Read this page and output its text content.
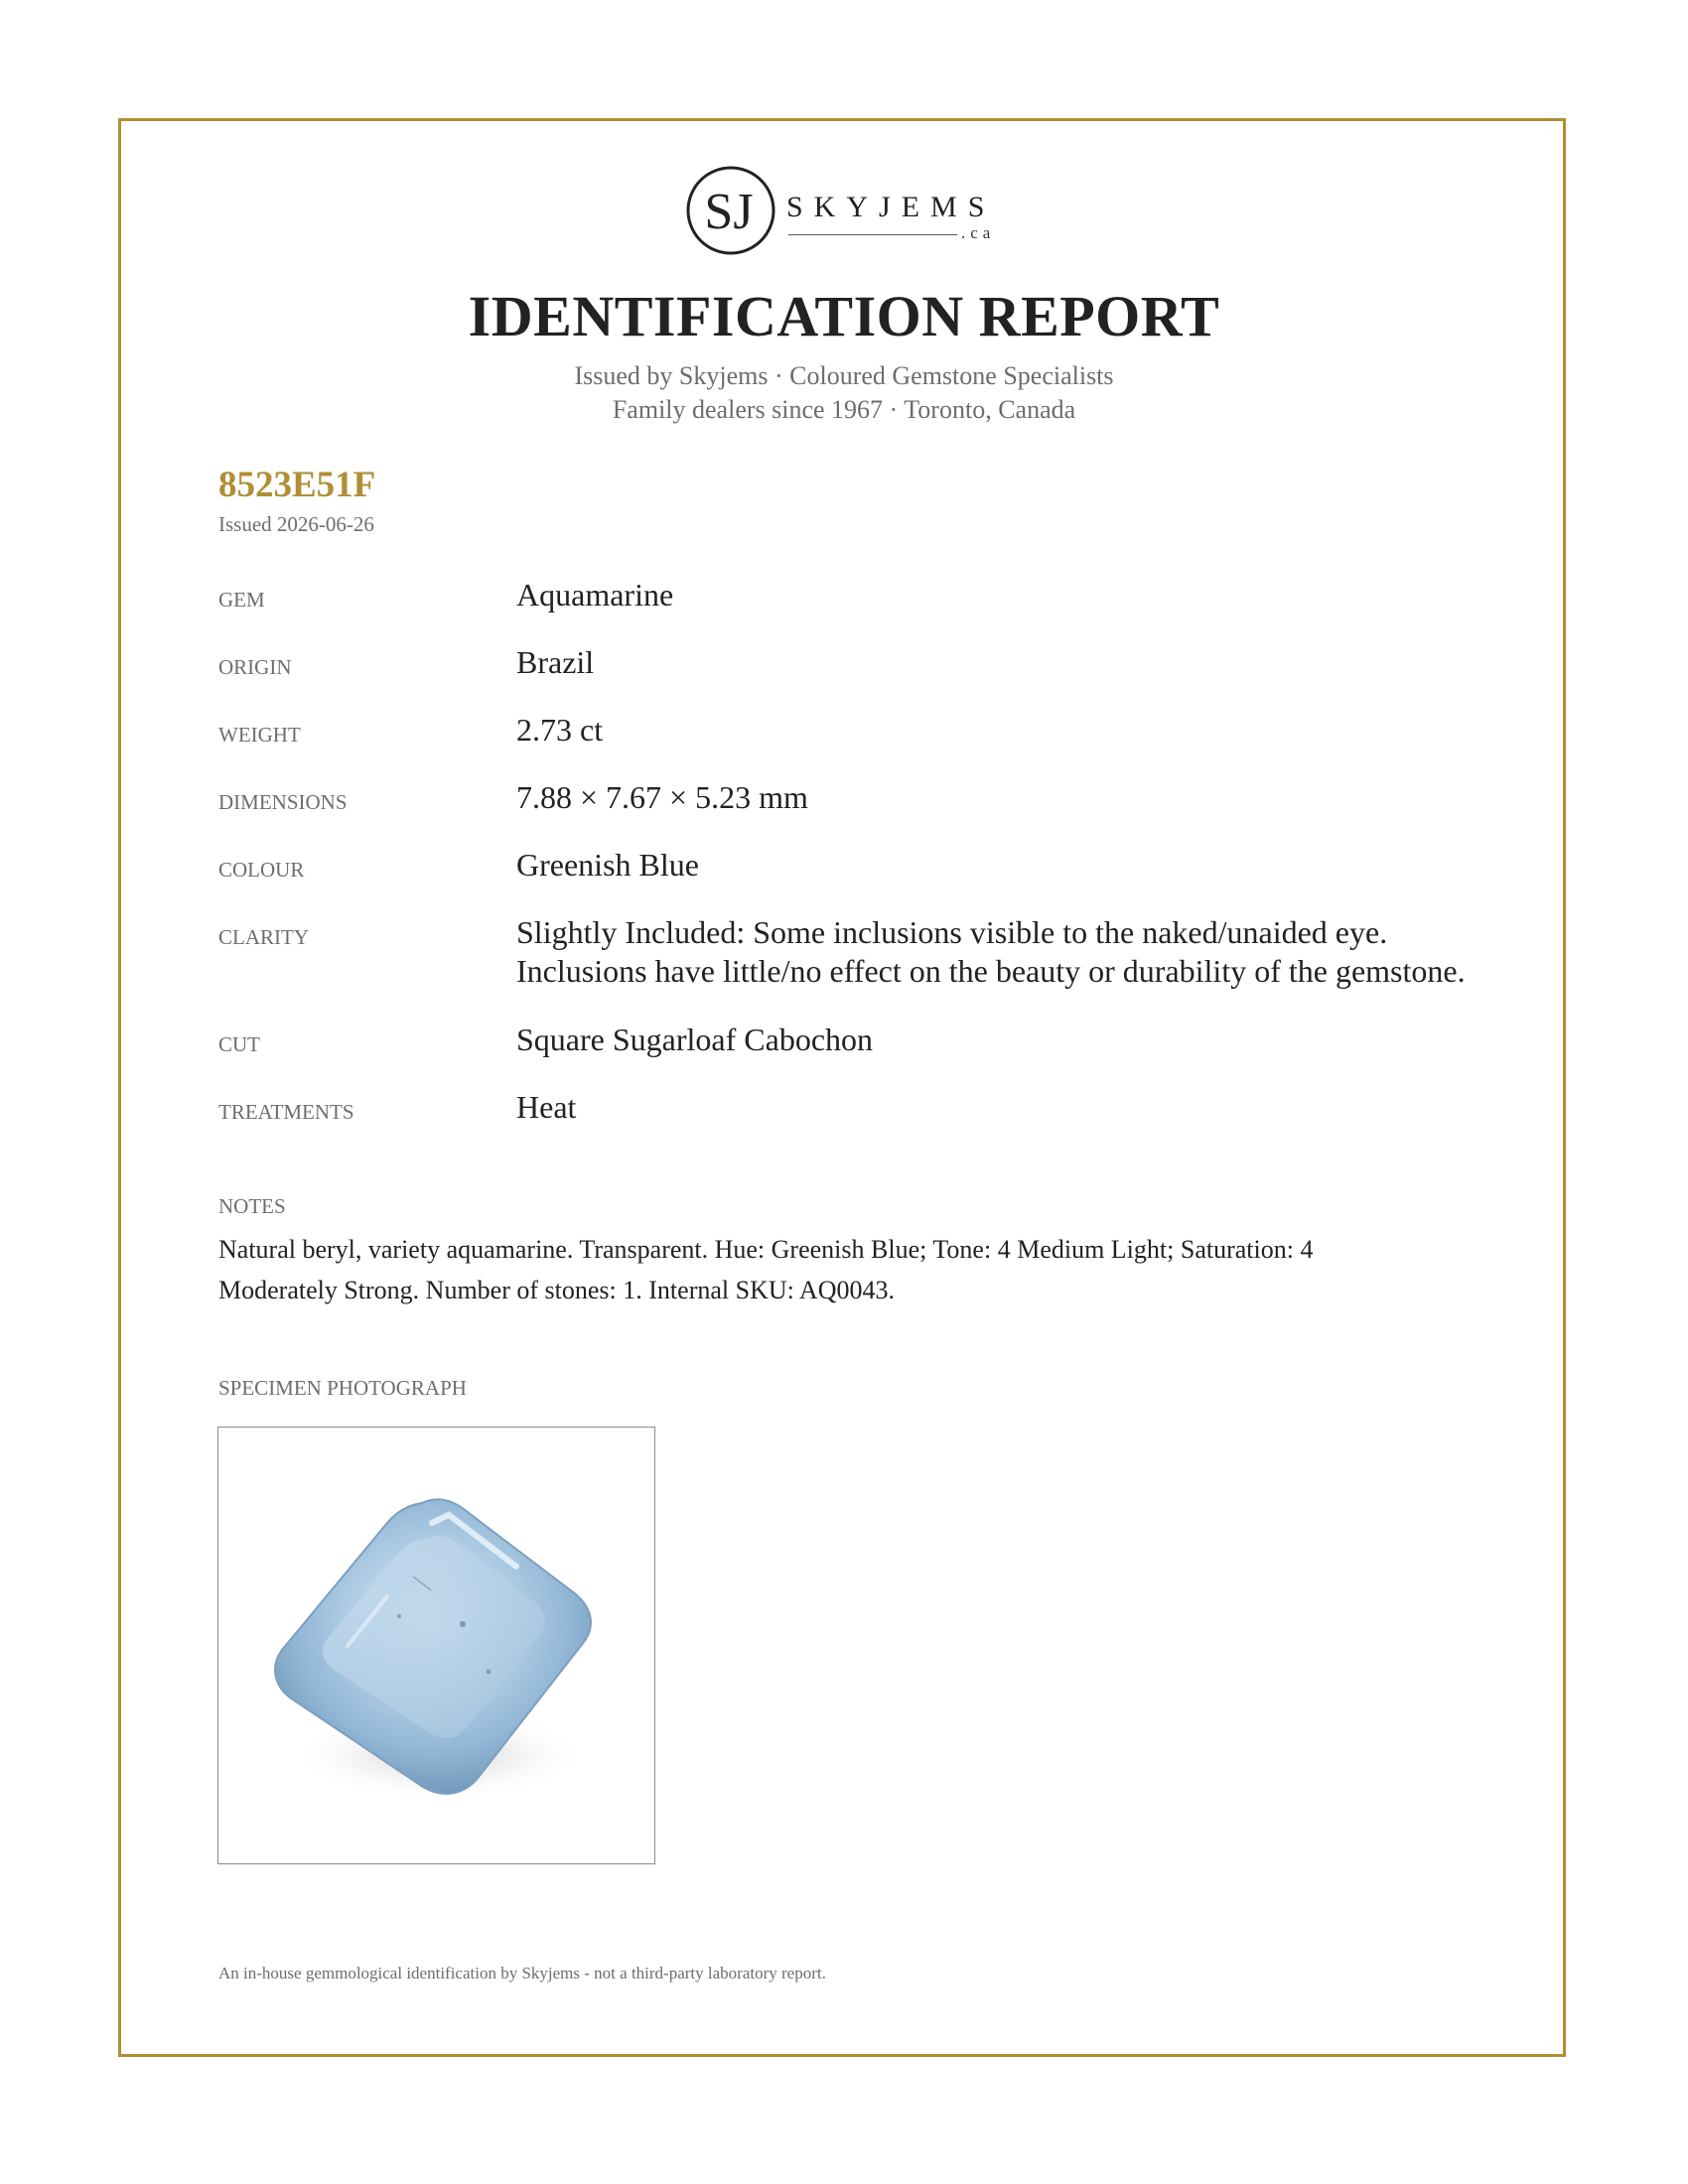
SJ SKYJEMS
.ca
IDENTIFICATION REPORT
Issued by Skyjems · Coloured Gemstone Specialists
Family dealers since 1967 · Toronto, Canada
8523E51F
Issued 2026-06-26
GEM	Aquamarine
ORIGIN	Brazil
WEIGHT	2.73 ct
DIMENSIONS	7.88 × 7.67 × 5.23 mm
COLOUR	Greenish Blue
CLARITY	Slightly Included: Some inclusions visible to the naked/unaided eye. Inclusions have little/no effect on the beauty or durability of the gemstone.
CUT	Square Sugarloaf Cabochon
TREATMENTS	Heat
NOTES
Natural beryl, variety aquamarine. Transparent. Hue: Greenish Blue; Tone: 4 Medium Light; Saturation: 4 Moderately Strong. Number of stones: 1. Internal SKU: AQ0043.
SPECIMEN PHOTOGRAPH
An in-house gemmological identification by Skyjems - not a third-party laboratory report.
